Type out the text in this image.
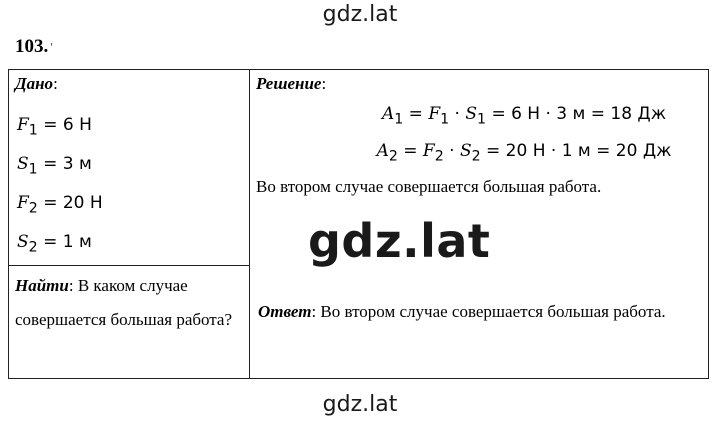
gdz.lat
103. '
Дано:
$F_1 = 6$ Н
$S_1 = 3$ м
$F_2 = 20$ Н
$S_2 = 1$ м

Решение:
$A_1 = F_1 \cdot S_1 = 6$ Н · 3 м = 18 Дж
$A_2 = F_2 \cdot S_2 = 20$ Н · 1 м = 20 Дж
Во втором случае совершается большая работа.
Ответ: Во втором случае совершается большая работа.

Найти: В каком случае совершается большая работа?
gdz.lat
gdz.lat
